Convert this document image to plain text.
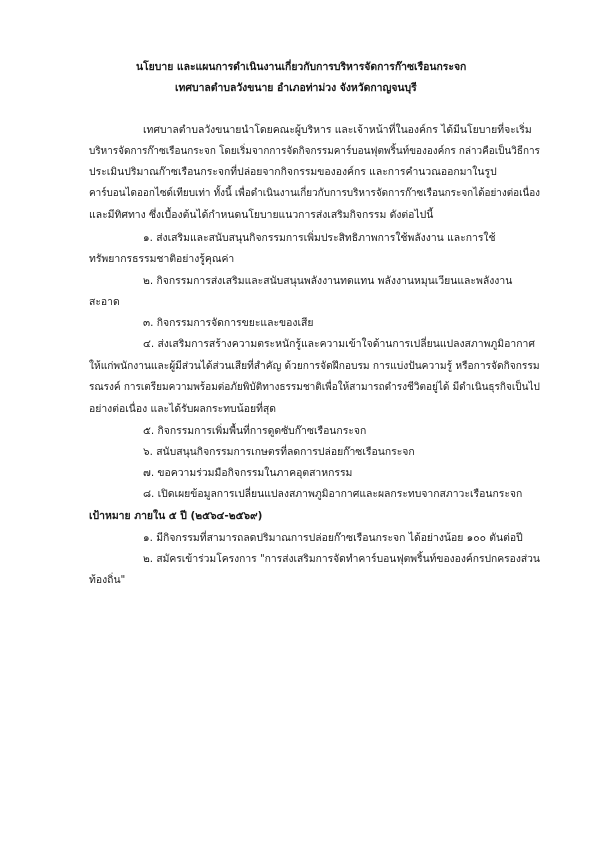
นโยบาย และแผนการดำเนินงานเกี่ยวกับการบริหารจัดการก๊าซเรือนกระจก
เทศบาลตำบลวังขนาย อำเภอท่าม่วง จังหวัดกาญจนบุรี
เทศบาลตำบลวังขนายนำโดยคณะผู้บริหาร และเจ้าหน้าที่ในองค์กร ได้มีนโยบายที่จะเริ่ม
บริหารจัดการก๊าซเรือนกระจก โดยเริ่มจากการจัดกิจกรรมคาร์บอนฟุตพริ้นท์ขององค์กร กล่าวคือเป็นวิธีการ
ประเมินปริมาณก๊าซเรือนกระจกที่ปล่อยจากกิจกรรมขององค์กร และการคำนวณออกมาในรูป
คาร์บอนไดออกไซด์เทียบเท่า ทั้งนี้ เพื่อดำเนินงานเกี่ยวกับการบริหารจัดการก๊าซเรือนกระจกได้อย่างต่อเนื่อง
และมีทิศทาง ซึ่งเบื้องต้นได้กำหนดนโยบายแนวการส่งเสริมกิจกรรม ดังต่อไปนี้
๑. ส่งเสริมและสนับสนุนกิจกรรมการเพิ่มประสิทธิภาพการใช้พลังงาน และการใช้
ทรัพยากรธรรมชาติอย่างรู้คุณค่า
๒. กิจกรรมการส่งเสริมและสนับสนุนพลังงานทดแทน พลังงานหมุนเวียนและพลังงาน
สะอาด
๓. กิจกรรมการจัดการขยะและของเสีย
๔. ส่งเสริมการสร้างความตระหนักรู้และความเข้าใจด้านการเปลี่ยนแปลงสภาพภูมิอากาศ
ให้แก่พนักงานและผู้มีส่วนได้ส่วนเสียที่สำคัญ ด้วยการจัดฝึกอบรม การแบ่งปันความรู้ หรือการจัดกิจกรรม
รณรงค์ การเตรียมความพร้อมต่อภัยพิบัติทางธรรมชาติเพื่อให้สามารถดำรงชีวิตอยู่ได้ มีดำเนินธุรกิจเป็นไป
อย่างต่อเนื่อง และได้รับผลกระทบน้อยที่สุด
๕. กิจกรรมการเพิ่มพื้นที่การดูดซับก๊าซเรือนกระจก
๖. สนับสนุนกิจกรรมการเกษตรที่ลดการปล่อยก๊าซเรือนกระจก
๗. ขอความร่วมมือกิจกรรมในภาคอุตสาหกรรม
๘. เปิดเผยข้อมูลการเปลี่ยนแปลงสภาพภูมิอากาศและผลกระทบจากสภาวะเรือนกระจก
เป้าหมาย ภายใน ๕ ปี (๒๕๖๔-๒๕๖๙)
๑. มีกิจกรรมที่สามารถลดปริมาณการปล่อยก๊าซเรือนกระจก ได้อย่างน้อย ๑๐๐ ตันต่อปี
๒. สมัครเข้าร่วมโครงการ "การส่งเสริมการจัดทำคาร์บอนฟุตพริ้นท์ขององค์กรปกครองส่วน
ท้องถิ่น"
